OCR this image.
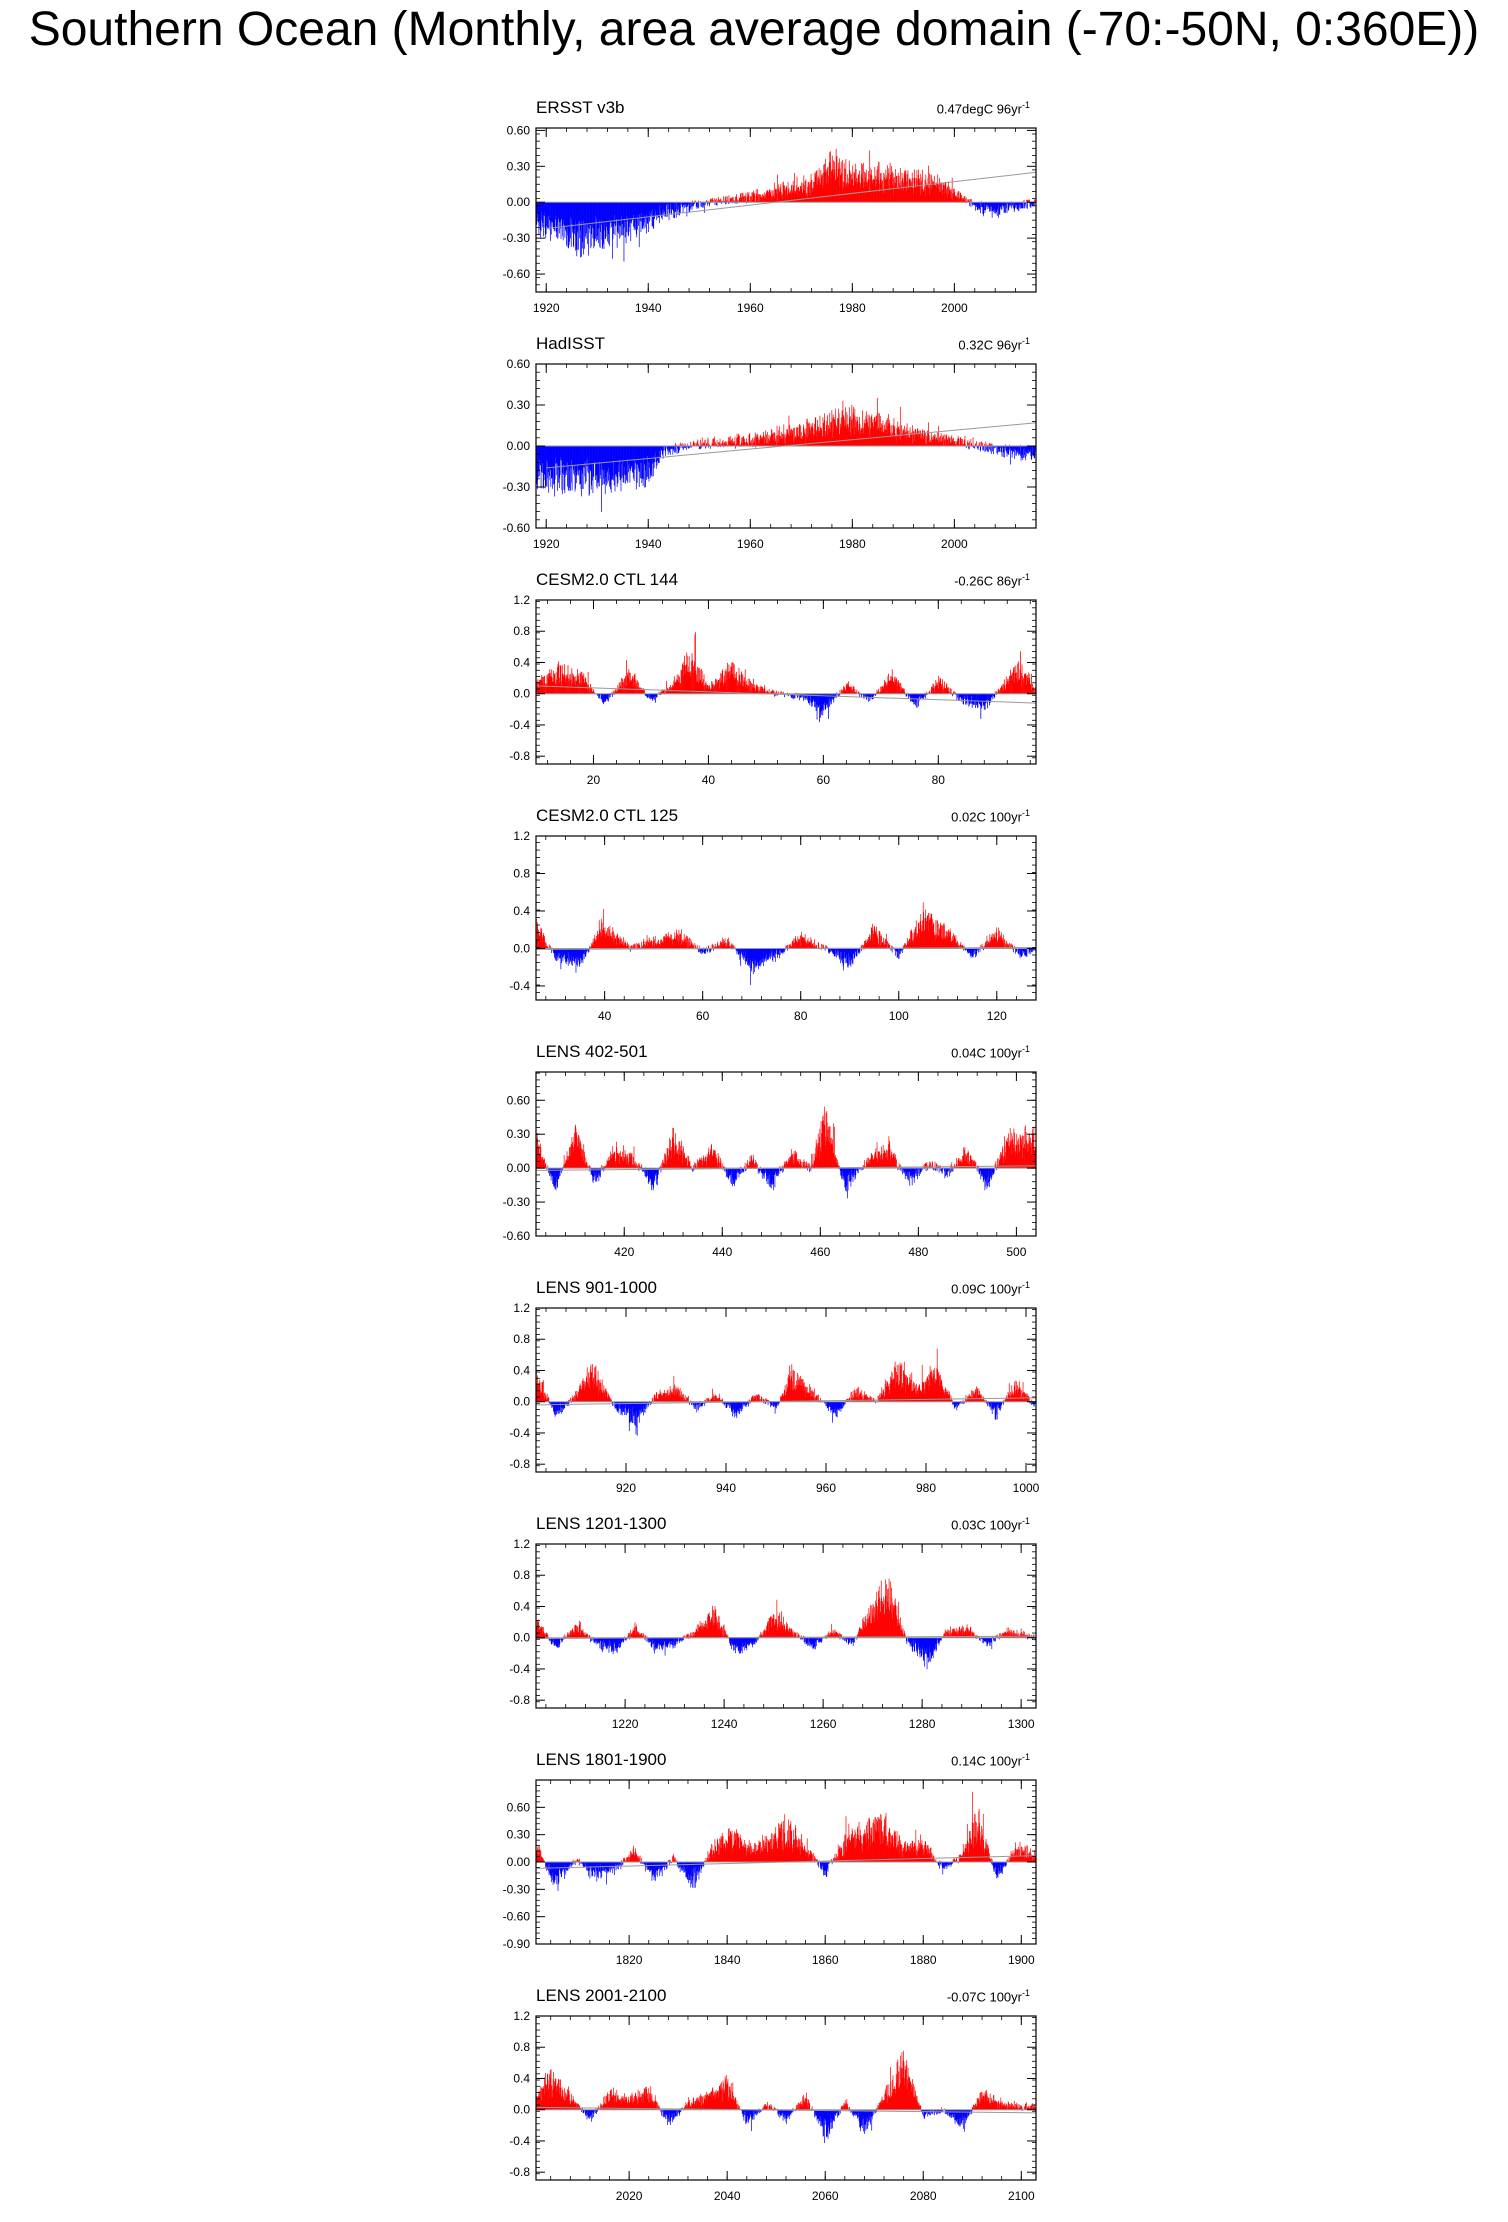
Southern Ocean (Monthly, area average domain (-70:-50N, 0:360E))
ERSST v3b	0.47degC $96yr^{-1}$
0.60
0.30
0.00
-0.30
-0.60
1920	1940	1960	1980	2000
HadISST	0.32C $96yr^{-1}$
0.60
0.30
0.00
-0.30
-0.60
1920	1940	1960	1980	2000
CESM2.0 CTL 144	-0.26C $86yr^{-1}$
1.2
0.8
0.4
0.0
-0.4
-0.8
20	40	60	80
CESM2.0 CTL 125	0.02C $100yr^{-1}$
1.2
0.8
0.4
0.0
-0.4
40	60	80	100	120
LENS 402-501	0.04C $100yr^{-1}$
0.60
0.30
0.00
-0.30
-0.60
420	440	460	480	500
LENS 901-1000	0.09C $100yr^{-1}$
1.2
0.8
0.4
0.0
-0.4
-0.8
920	940	960	980	1000
LENS 1201-1300	0.03C $100yr^{-1}$
1.2
0.8
0.4
0.0
-0.4
-0.8
1220	1240	1260	1280	1300
LENS 1801-1900	0.14C $100yr^{-1}$
0.60
0.30
0.00
-0.30
-0.60
-0.90
1820	1840	1860	1880	1900
LENS 2001-2100	-0.07C $100yr^{-1}$
1.2
0.8
0.4
0.0
-0.4
-0.8
2020	2040	2060	2080	2100
